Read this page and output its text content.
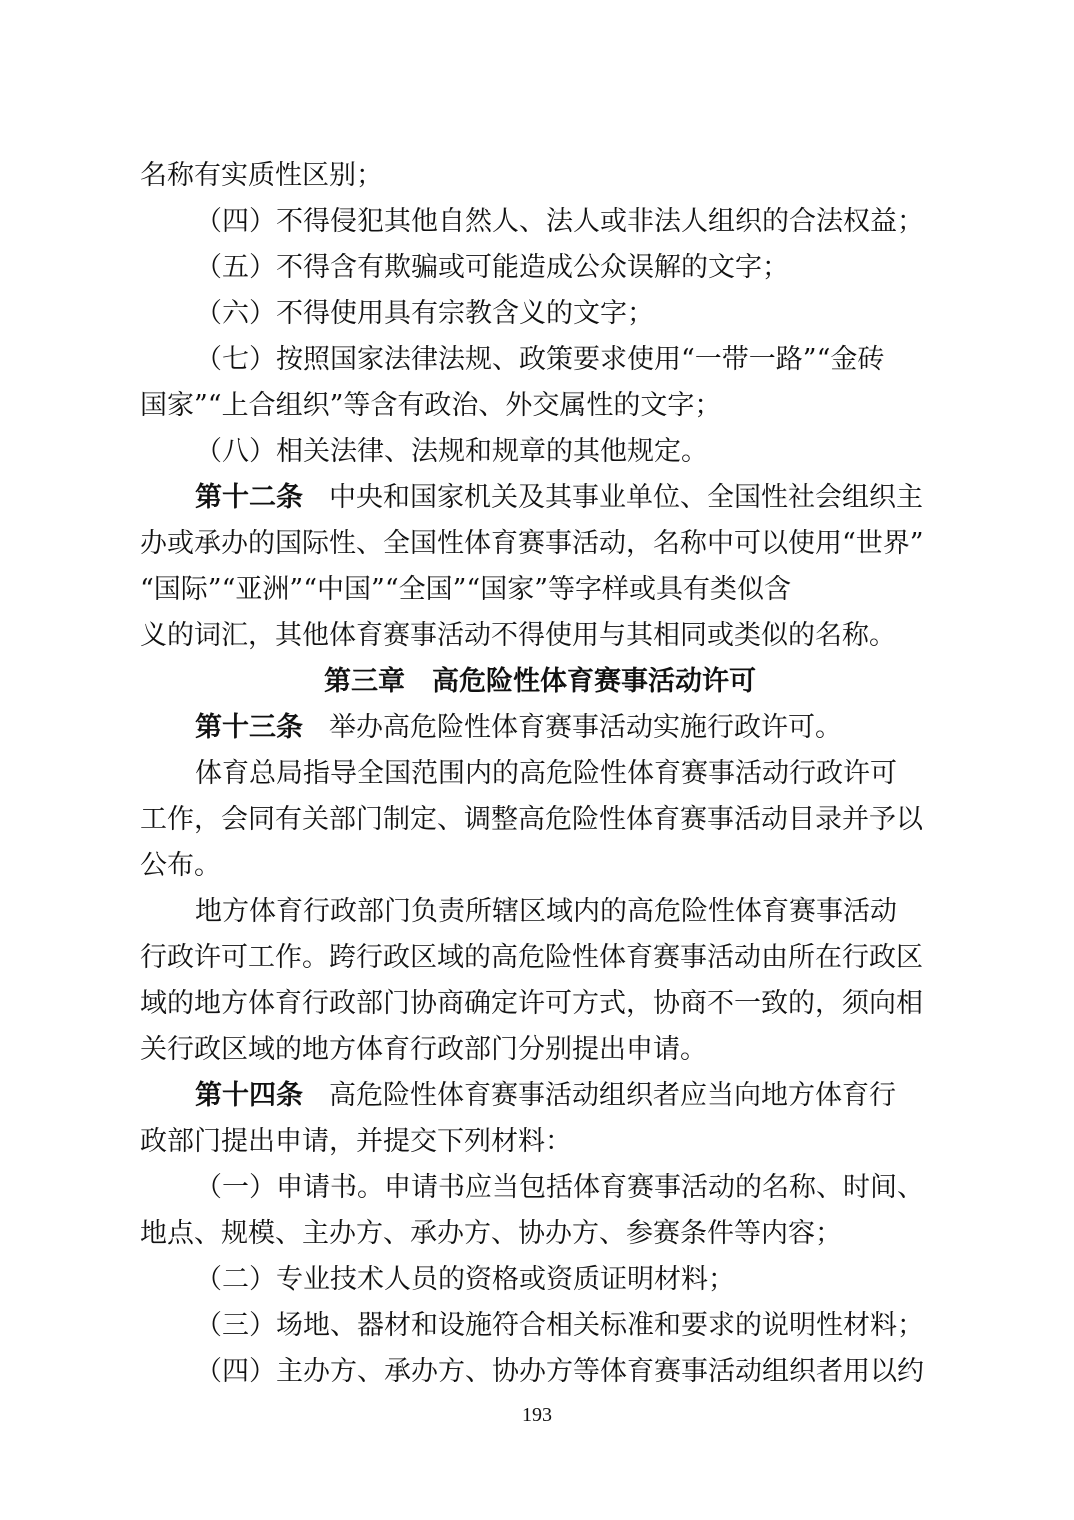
名称有实质性区别；
（四）不得侵犯其他自然人、法人或非法人组织的合法权益；
（五）不得含有欺骗或可能造成公众误解的文字；
（六）不得使用具有宗教含义的文字；
（七）按照国家法律法规、政策要求使用“一带一路”“金砖
国家”“上合组织”等含有政治、外交属性的文字；
（八）相关法律、法规和规章的其他规定。
第十二条 中央和国家机关及其事业单位、全国性社会组织主
办或承办的国际性、全国性体育赛事活动，名称中可以使用“世界”
“国际”“亚洲”“中国”“全国”“国家”等字样或具有类似含
义的词汇，其他体育赛事活动不得使用与其相同或类似的名称。
第三章　高危险性体育赛事活动许可
第十三条 举办高危险性体育赛事活动实施行政许可。
体育总局指导全国范围内的高危险性体育赛事活动行政许可
工作，会同有关部门制定、调整高危险性体育赛事活动目录并予以
公布。
地方体育行政部门负责所辖区域内的高危险性体育赛事活动
行政许可工作。跨行政区域的高危险性体育赛事活动由所在行政区
域的地方体育行政部门协商确定许可方式，协商不一致的，须向相
关行政区域的地方体育行政部门分别提出申请。
第十四条 高危险性体育赛事活动组织者应当向地方体育行
政部门提出申请，并提交下列材料：
（一）申请书。申请书应当包括体育赛事活动的名称、时间、
地点、规模、主办方、承办方、协办方、参赛条件等内容；
（二）专业技术人员的资格或资质证明材料；
（三）场地、器材和设施符合相关标准和要求的说明性材料；
（四）主办方、承办方、协办方等体育赛事活动组织者用以约
193
